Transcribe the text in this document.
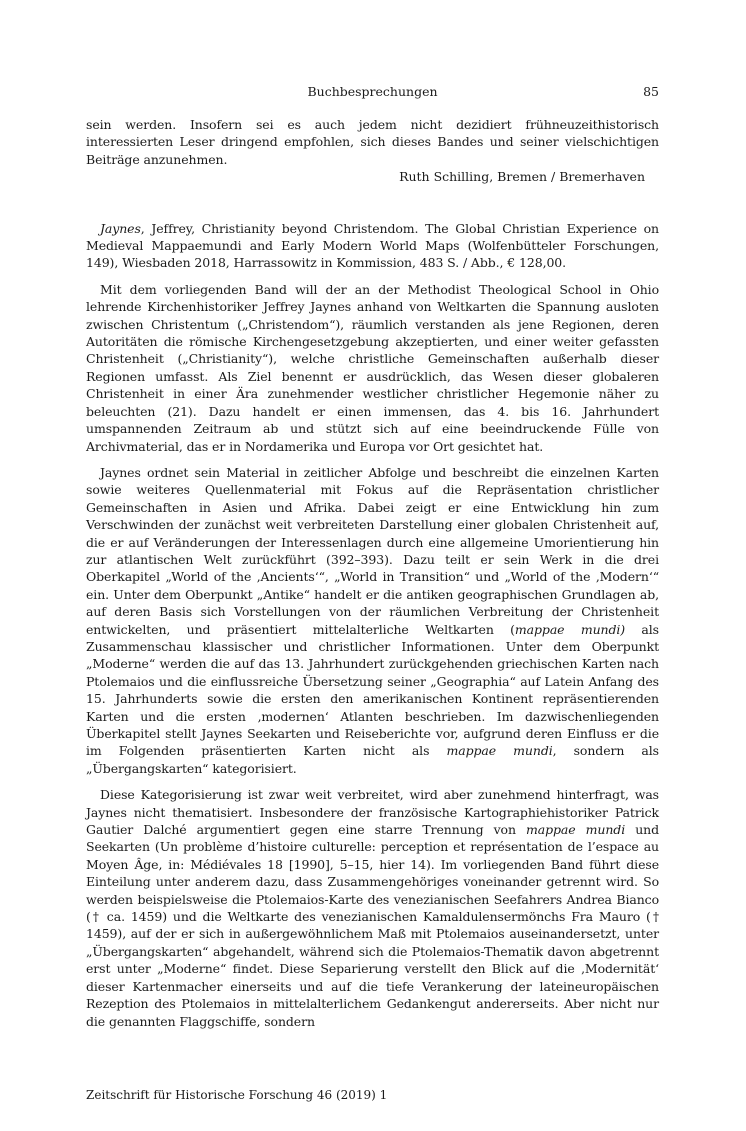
Buchbesprechungen	85

sein werden. Insofern sei es auch jedem nicht dezidiert frühneuzeithistorisch interessierten Leser dringend empfohlen, sich dieses Bandes und seiner vielschichtigen Beiträge anzunehmen.

Ruth Schilling, Bremen / Bremerhaven

Jaynes, Jeffrey, Christianity beyond Christendom. The Global Christian Experience on Medieval Mappaemundi and Early Modern World Maps (Wolfenbütteler Forschungen, 149), Wiesbaden 2018, Harrassowitz in Kommission, 483 S. / Abb., € 128,00.

Mit dem vorliegenden Band will der an der Methodist Theological School in Ohio lehrende Kirchenhistoriker Jeffrey Jaynes anhand von Weltkarten die Spannung ausloten zwischen Christentum („Christendom“), räumlich verstanden als jene Regionen, deren Autoritäten die römische Kirchengesetzgebung akzeptierten, und einer weiter gefassten Christenheit („Christianity“), welche christliche Gemeinschaften außerhalb dieser Regionen umfasst. Als Ziel benennt er ausdrücklich, das Wesen dieser globaleren Christenheit in einer Ära zunehmender westlicher christlicher Hegemonie näher zu beleuchten (21). Dazu handelt er einen immensen, das 4. bis 16. Jahrhundert umspannenden Zeitraum ab und stützt sich auf eine beeindruckende Fülle von Archivmaterial, das er in Nordamerika und Europa vor Ort gesichtet hat.

Jaynes ordnet sein Material in zeitlicher Abfolge und beschreibt die einzelnen Karten sowie weiteres Quellenmaterial mit Fokus auf die Repräsentation christlicher Gemeinschaften in Asien und Afrika. Dabei zeigt er eine Entwicklung hin zum Verschwinden der zunächst weit verbreiteten Darstellung einer globalen Christenheit auf, die er auf Veränderungen der Interessenlagen durch eine allgemeine Umorientierung hin zur atlantischen Welt zurückführt (392–393). Dazu teilt er sein Werk in die drei Oberkapitel „World of the ‚Ancients‘“, „World in Transition“ und „World of the ‚Modern‘“ ein. Unter dem Oberpunkt „Antike“ handelt er die antiken geographischen Grundlagen ab, auf deren Basis sich Vorstellungen von der räumlichen Verbreitung der Christenheit entwickelten, und präsentiert mittelalterliche Weltkarten (mappae mundi) als Zusammenschau klassischer und christlicher Informationen. Unter dem Oberpunkt „Moderne“ werden die auf das 13. Jahrhundert zurückgehenden griechischen Karten nach Ptolemaios und die einflussreiche Übersetzung seiner „Geographia“ auf Latein Anfang des 15. Jahrhunderts sowie die ersten den amerikanischen Kontinent repräsentierenden Karten und die ersten ‚modernen‘ Atlanten beschrieben. Im dazwischenliegenden Überkapitel stellt Jaynes Seekarten und Reiseberichte vor, aufgrund deren Einfluss er die im Folgenden präsentierten Karten nicht als mappae mundi, sondern als „Übergangskarten“ kategorisiert.

Diese Kategorisierung ist zwar weit verbreitet, wird aber zunehmend hinterfragt, was Jaynes nicht thematisiert. Insbesondere der französische Kartographiehistoriker Patrick Gautier Dalché argumentiert gegen eine starre Trennung von mappae mundi und Seekarten (Un problème d’histoire culturelle: perception et représentation de l’espace au Moyen Âge, in: Médiévales 18 [1990], 5–15, hier 14). Im vorliegenden Band führt diese Einteilung unter anderem dazu, dass Zusammengehöriges voneinander getrennt wird. So werden beispielsweise die Ptolemaios-Karte des venezianischen Seefahrers Andrea Bianco († ca. 1459) und die Weltkarte des venezianischen Kamaldulensermönchs Fra Mauro († 1459), auf der er sich in außergewöhnlichem Maß mit Ptolemaios auseinandersetzt, unter „Übergangskarten“ abgehandelt, während sich die Ptolemaios-Thematik davon abgetrennt erst unter „Moderne“ findet. Diese Separierung verstellt den Blick auf die ‚Modernität‘ dieser Kartenmacher einerseits und auf die tiefe Verankerung der lateineuropäischen Rezeption des Ptolemaios in mittelalterlichem Gedankengut andererseits. Aber nicht nur die genannten Flaggschiffe, sondern

Zeitschrift für Historische Forschung 46 (2019) 1
